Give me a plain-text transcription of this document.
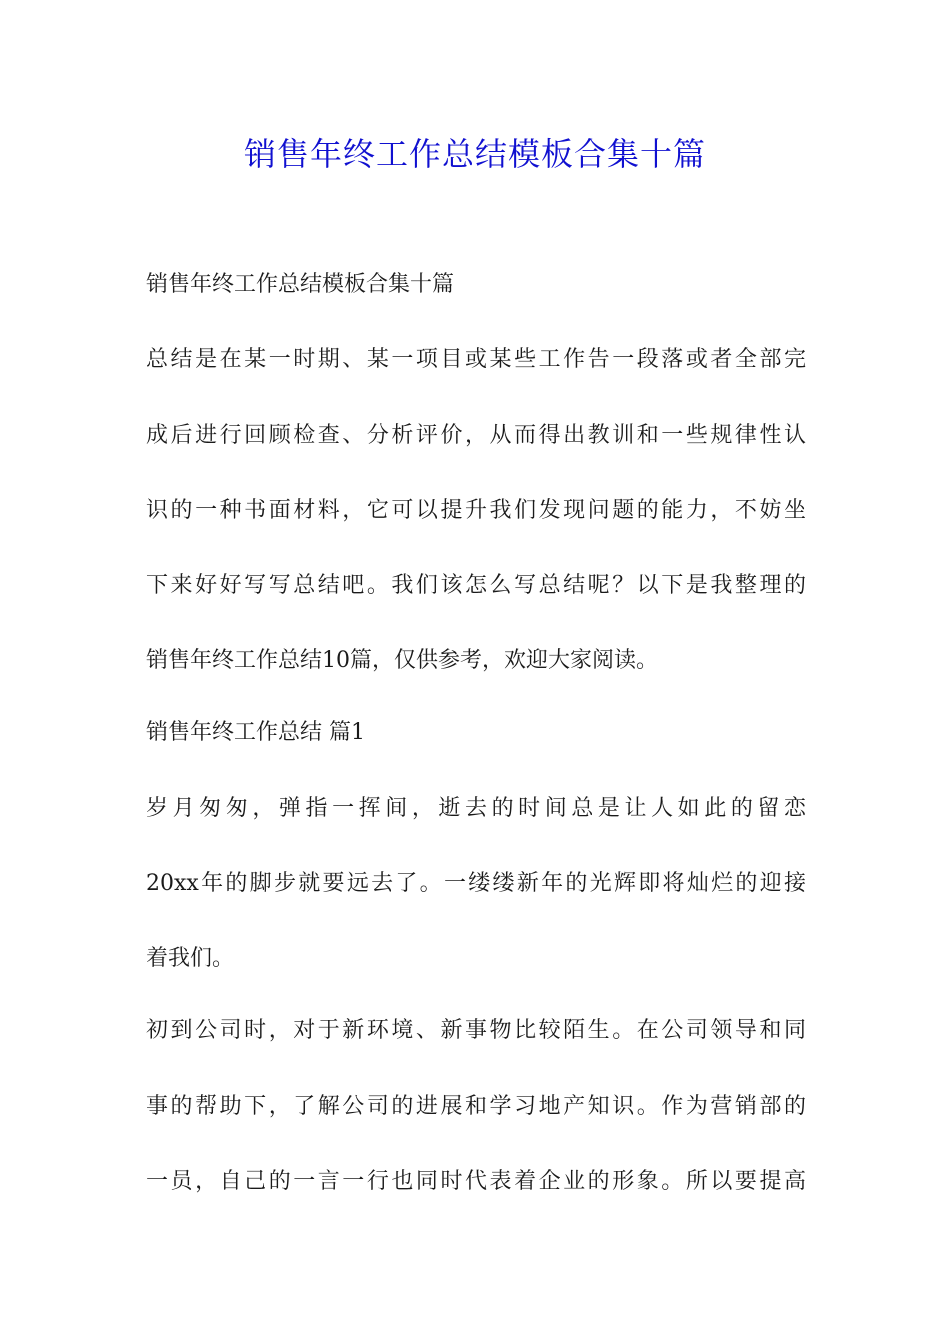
销售年终工作总结模板合集十篇

销售年终工作总结模板合集十篇

总结是在某一时期、某一项目或某些工作告一段落或者全部完

成后进行回顾检查、分析评价，从而得出教训和一些规律性认

识的一种书面材料，它可以提升我们发现问题的能力，不妨坐

下来好好写写总结吧。我们该怎么写总结呢？以下是我整理的

销售年终工作总结10篇，仅供参考，欢迎大家阅读。

销售年终工作总结 篇1

岁月匆匆，弹指一挥间，逝去的时间总是让人如此的留恋

20xx年的脚步就要远去了。一缕缕新年的光辉即将灿烂的迎接

着我们。

初到公司时，对于新环境、新事物比较陌生。在公司领导和同

事的帮助下，了解公司的进展和学习地产知识。作为营销部的

一员，自己的一言一行也同时代表着企业的形象。所以要提高
